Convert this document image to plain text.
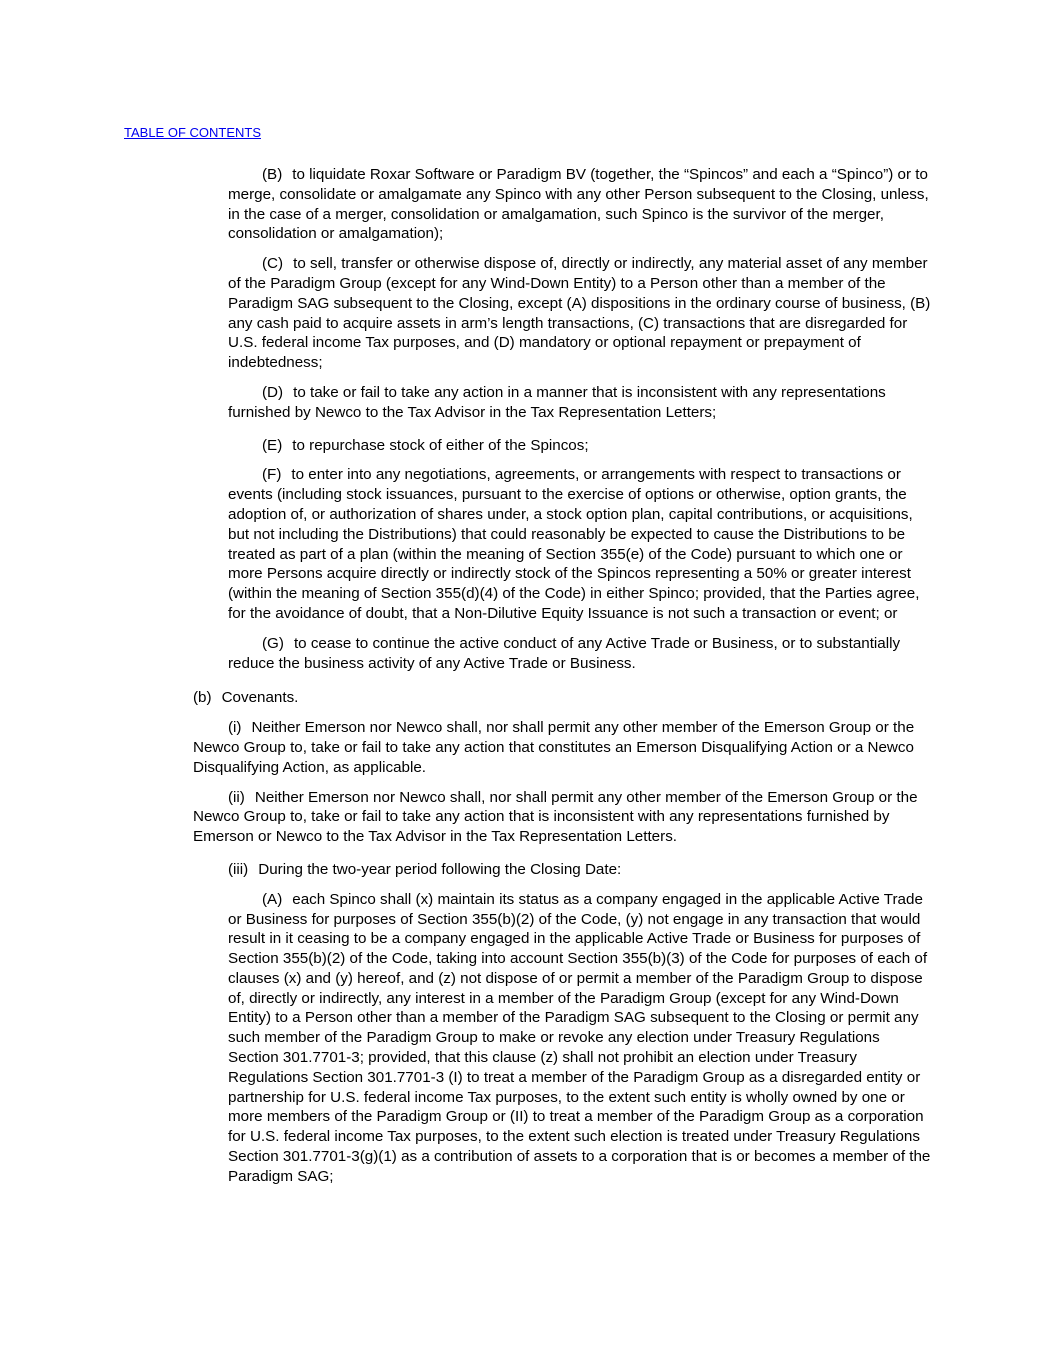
TABLE OF CONTENTS

(B) to liquidate Roxar Software or Paradigm BV (together, the “Spincos” and each a “Spinco”) or to merge, consolidate or amalgamate any Spinco with any other Person subsequent to the Closing, unless, in the case of a merger, consolidation or amalgamation, such Spinco is the survivor of the merger, consolidation or amalgamation);

(C) to sell, transfer or otherwise dispose of, directly or indirectly, any material asset of any member of the Paradigm Group (except for any Wind-Down Entity) to a Person other than a member of the Paradigm SAG subsequent to the Closing, except (A) dispositions in the ordinary course of business, (B) any cash paid to acquire assets in arm’s length transactions, (C) transactions that are disregarded for U.S. federal income Tax purposes, and (D) mandatory or optional repayment or prepayment of indebtedness;

(D) to take or fail to take any action in a manner that is inconsistent with any representations furnished by Newco to the Tax Advisor in the Tax Representation Letters;

(E) to repurchase stock of either of the Spincos;

(F) to enter into any negotiations, agreements, or arrangements with respect to transactions or events (including stock issuances, pursuant to the exercise of options or otherwise, option grants, the adoption of, or authorization of shares under, a stock option plan, capital contributions, or acquisitions, but not including the Distributions) that could reasonably be expected to cause the Distributions to be treated as part of a plan (within the meaning of Section 355(e) of the Code) pursuant to which one or more Persons acquire directly or indirectly stock of the Spincos representing a 50% or greater interest (within the meaning of Section 355(d)(4) of the Code) in either Spinco; provided, that the Parties agree, for the avoidance of doubt, that a Non-Dilutive Equity Issuance is not such a transaction or event; or

(G) to cease to continue the active conduct of any Active Trade or Business, or to substantially reduce the business activity of any Active Trade or Business.

(b) Covenants.

(i) Neither Emerson nor Newco shall, nor shall permit any other member of the Emerson Group or the Newco Group to, take or fail to take any action that constitutes an Emerson Disqualifying Action or a Newco Disqualifying Action, as applicable.

(ii) Neither Emerson nor Newco shall, nor shall permit any other member of the Emerson Group or the Newco Group to, take or fail to take any action that is inconsistent with any representations furnished by Emerson or Newco to the Tax Advisor in the Tax Representation Letters.

(iii) During the two-year period following the Closing Date:

(A) each Spinco shall (x) maintain its status as a company engaged in the applicable Active Trade or Business for purposes of Section 355(b)(2) of the Code, (y) not engage in any transaction that would result in it ceasing to be a company engaged in the applicable Active Trade or Business for purposes of Section 355(b)(2) of the Code, taking into account Section 355(b)(3) of the Code for purposes of each of clauses (x) and (y) hereof, and (z) not dispose of or permit a member of the Paradigm Group to dispose of, directly or indirectly, any interest in a member of the Paradigm Group (except for any Wind-Down Entity) to a Person other than a member of the Paradigm SAG subsequent to the Closing or permit any such member of the Paradigm Group to make or revoke any election under Treasury Regulations Section 301.7701-3; provided, that this clause (z) shall not prohibit an election under Treasury Regulations Section 301.7701-3 (I) to treat a member of the Paradigm Group as a disregarded entity or partnership for U.S. federal income Tax purposes, to the extent such entity is wholly owned by one or more members of the Paradigm Group or (II) to treat a member of the Paradigm Group as a corporation for U.S. federal income Tax purposes, to the extent such election is treated under Treasury Regulations Section 301.7701-3(g)(1) as a contribution of assets to a corporation that is or becomes a member of the Paradigm SAG;
